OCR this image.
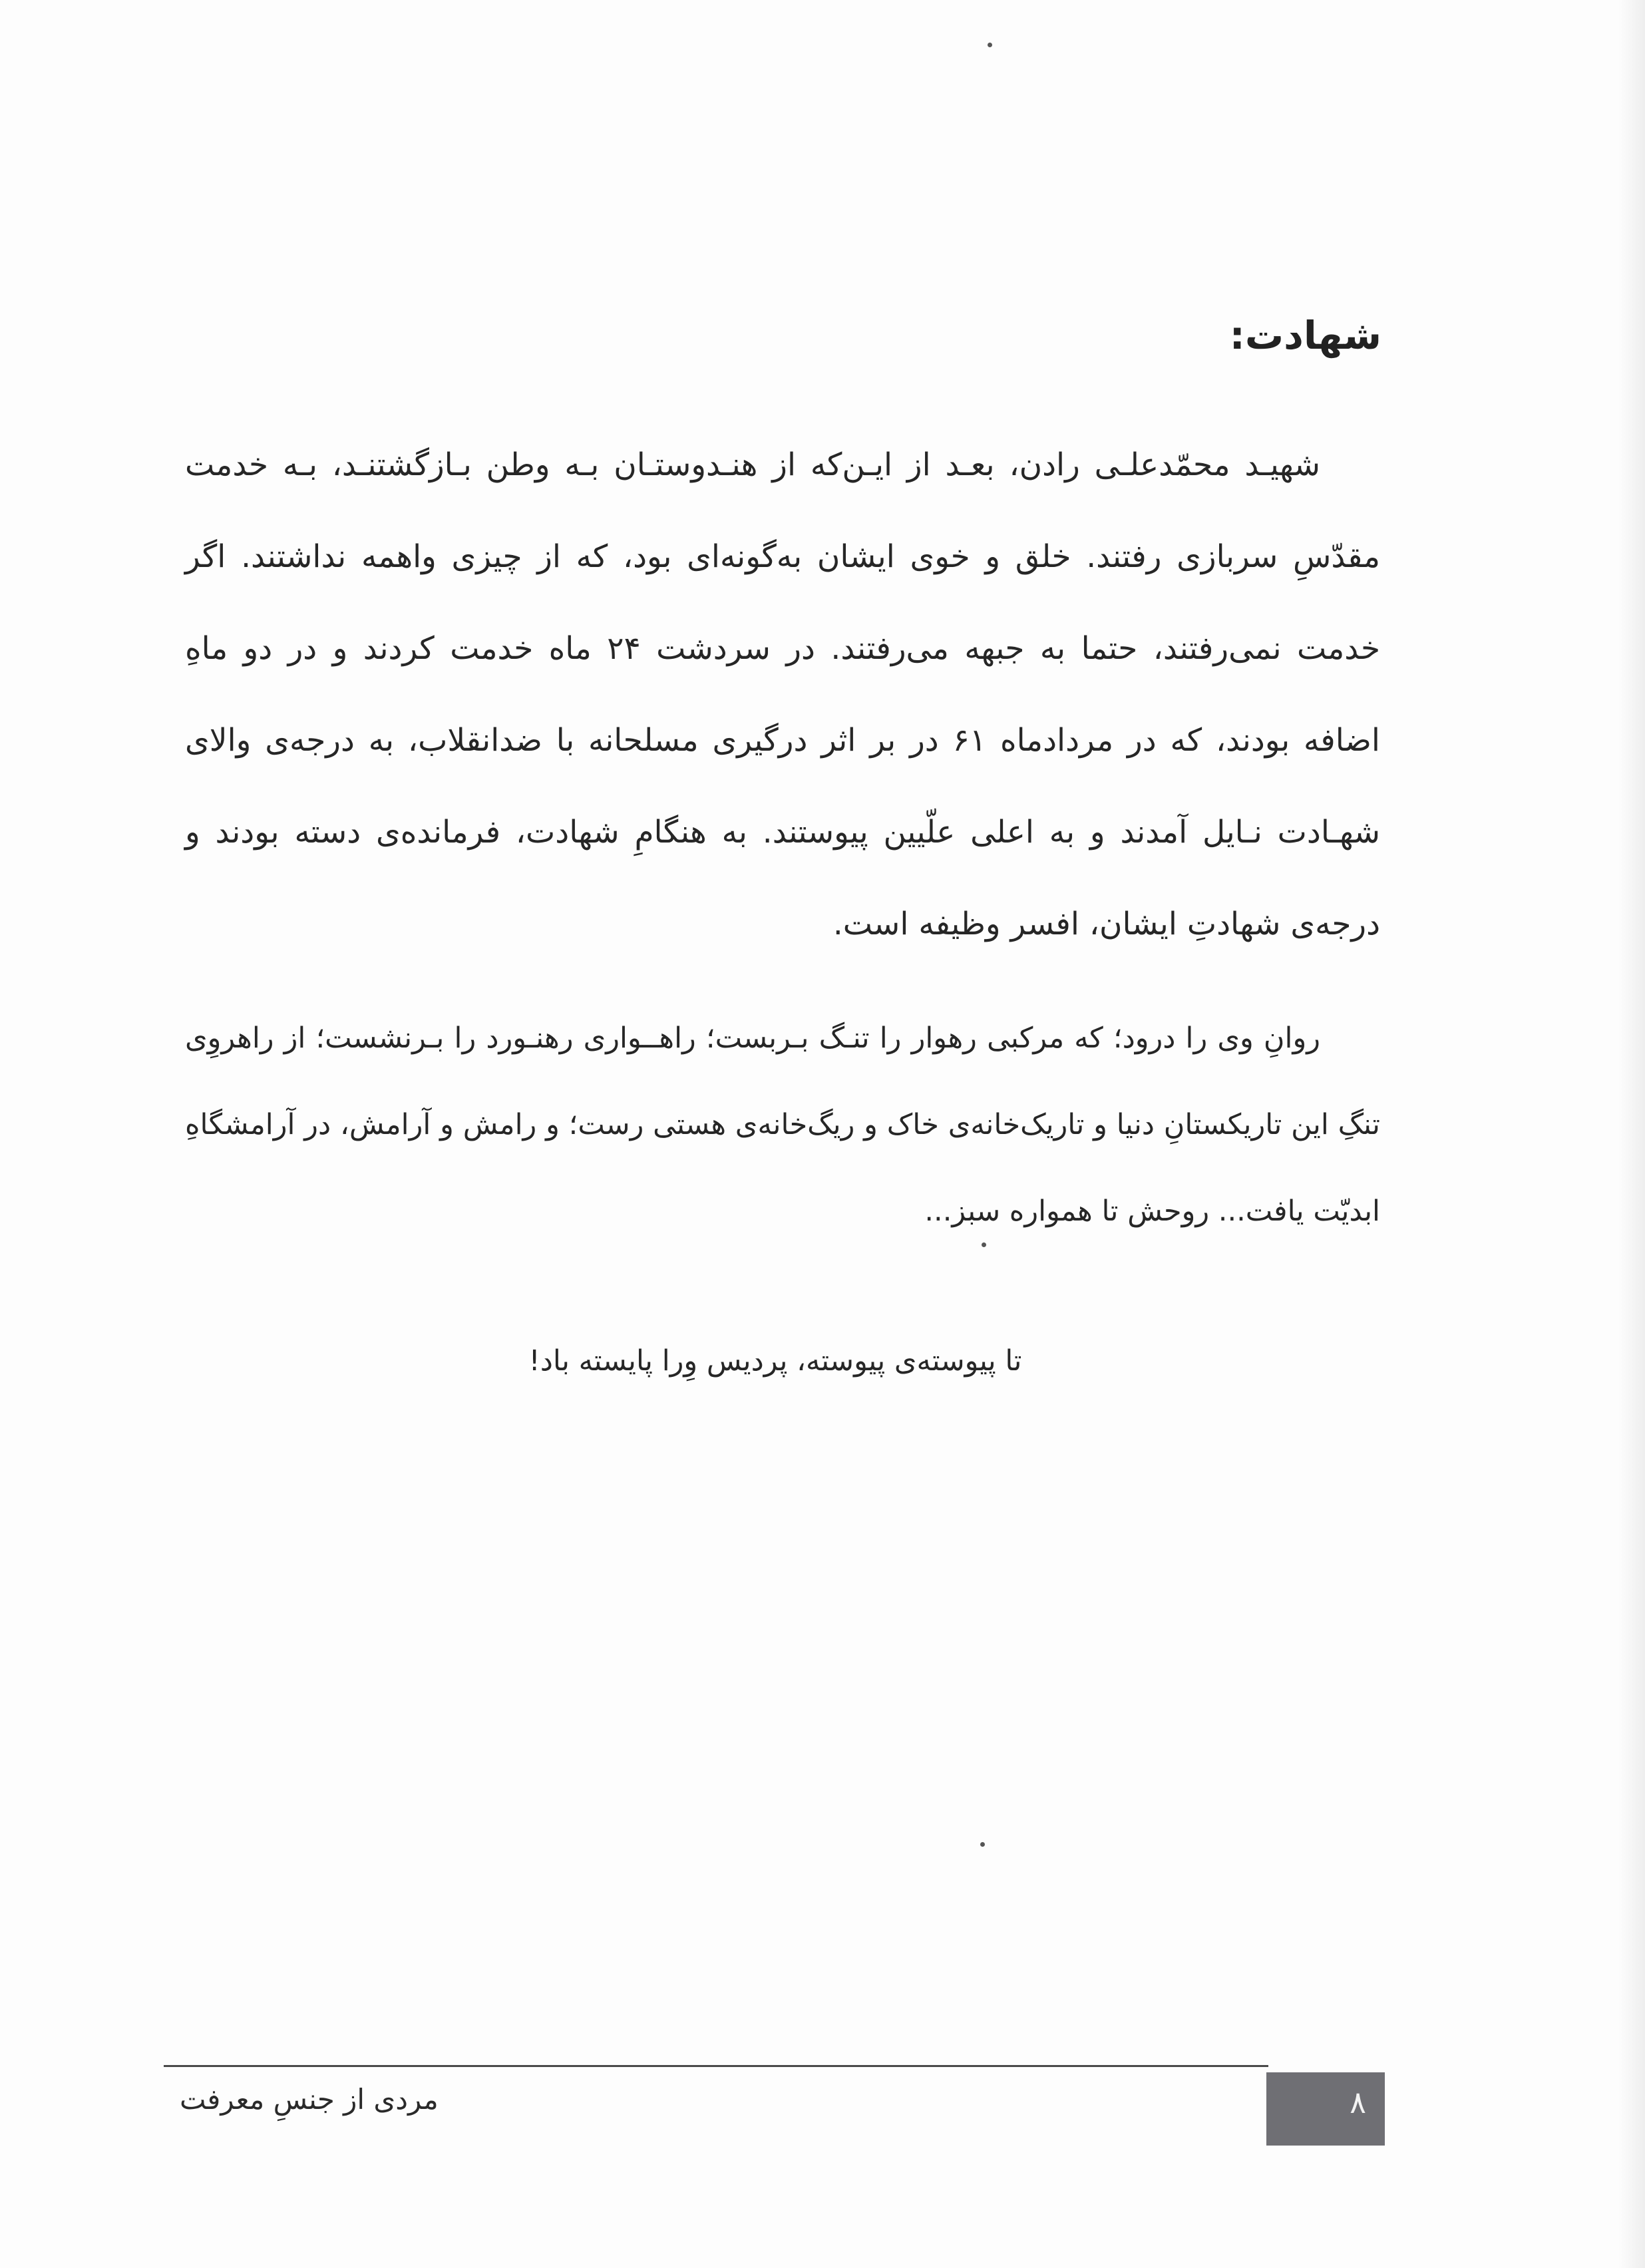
شهادت:

شهیـد محمّدعلـی رادن، بعـد از ایـن‌که از هنـدوستـان بـه وطن بـازگشتنـد، بـه خدمت مقدّسِ سربازی رفتند. خلق و خوی ایشان به‌گونه‌ای بود، که از چیزی واهمه نداشتند. اگر خدمت نمی‌رفتند، حتما به جبهه می‌رفتند. در سردشت ۲۴ ماه خدمت کردند و در دو ماهِ اضافه بودند، که در مردادماه ۶۱ در بر اثر درگیری مسلحانه با ضدانقلاب، به درجه‌ی والای شهـادت نـایل آمدند و به اعلی علّیین پیوستند. به هنگامِ شهادت، فرمانده‌ی دسته بودند و درجه‌ی شهادتِ ایشان، افسر وظیفه است.

روانِ وی را درود؛ که مرکبی رهوار را تنـگ بـربست؛ راهــواری رهنـورد را بـرنشست؛ از راهروِی تنگِ این تاریکستانِ دنیا و تاریک‌خانه‌ی خاک و ریگ‌خانه‌ی هستی رست؛ و رامش و آرامش، در آرامشگاهِ ابدیّت یافت... روحش تا همواره سبز...

تا پیوسته‌ی پیوسته، پردیس وِرا پایسته باد!
مردی از جنسِ معرفت	۸
